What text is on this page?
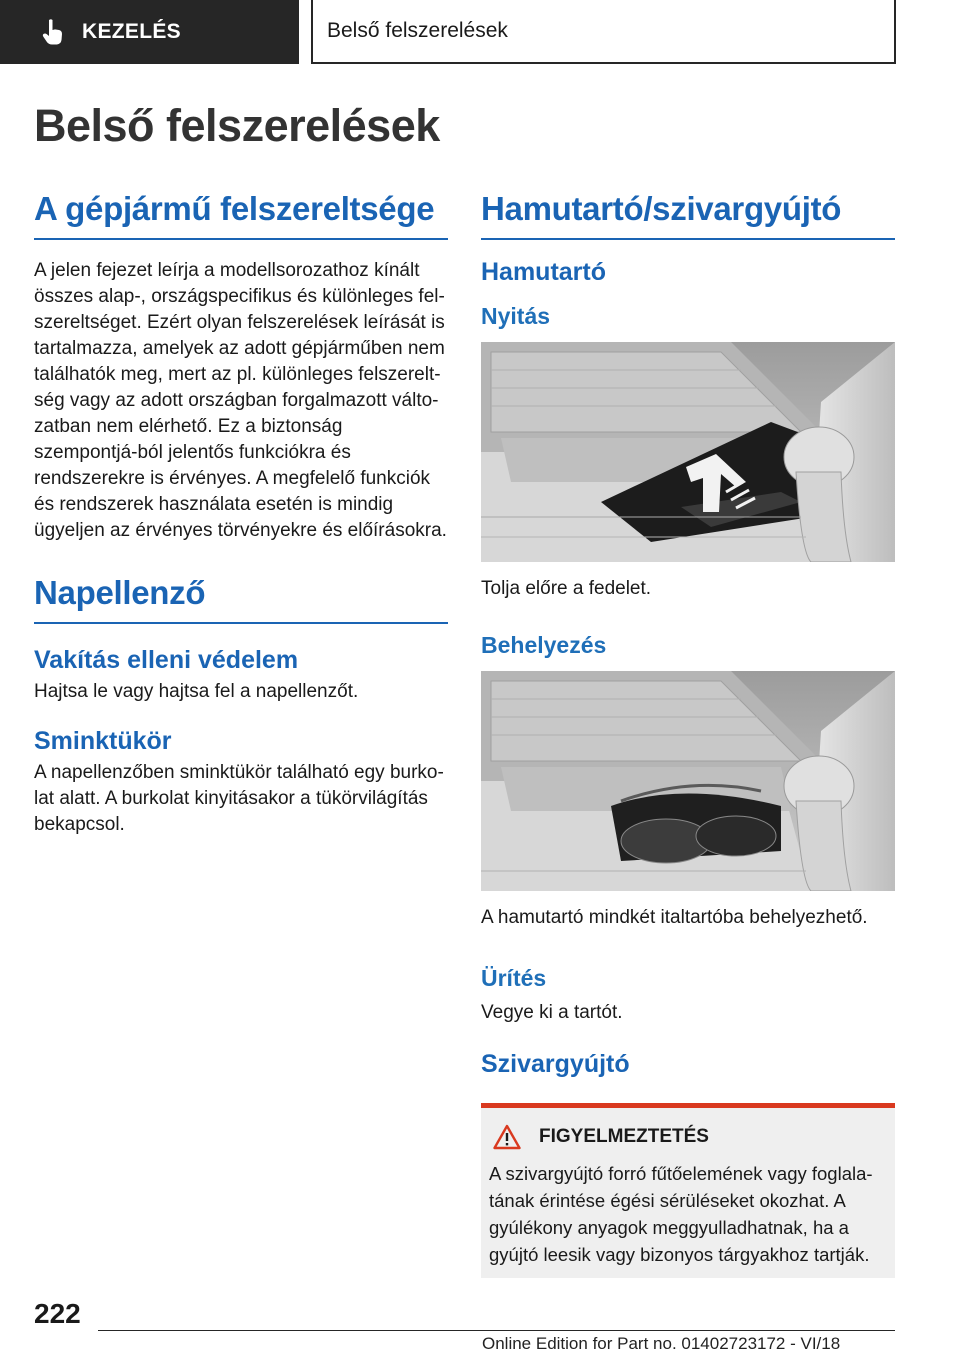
KEZELÉS	Belső felszerelések
Belső felszerelések
A gépjármű felszereltsége

A jelen fejezet leírja a modellsorozathoz kínált összes alap-, országspecifikus és különleges fel-szereltséget. Ezért olyan felszerelések leírását is tartalmazza, amelyek az adott gépjárműben nem találhatók meg, mert az pl. különleges felszerelt-ség vagy az adott országban forgalmazott válto-zatban nem elérhető. Ez a biztonság szempontjá-ból jelentős funkciókra és rendszerekre is érvényes. A megfelelő funkciók és rendszerek használata esetén is mindig ügyeljen az érvényes törvényekre és előírásokra.

Napellenző
Vakítás elleni védelem

Hajtsa le vagy hajtsa fel a napellenzőt.

Sminktükör

A napellenzőben sminktükör található egy burko-lat alatt. A burkolat kinyitásakor a tükörvilágítás bekapcsol.

Hamutartó/szivargyújtó
Hamutartó
Nyitás

Tolja előre a fedelet.

Behelyezés

A hamutartó mindkét italtartóba behelyezhető.

Ürítés

Vegye ki a tartót.

Szivargyújtó
FIGYELMEZTETÉS

A szivargyújtó forró fűtőelemének vagy foglala-tának érintése égési sérüléseket okozhat. A gyúlékony anyagok meggyulladhatnak, ha a gyújtó leesik vagy bizonyos tárgyakhoz tartják.

222
Online Edition for Part no. 01402723172 - VI/18
